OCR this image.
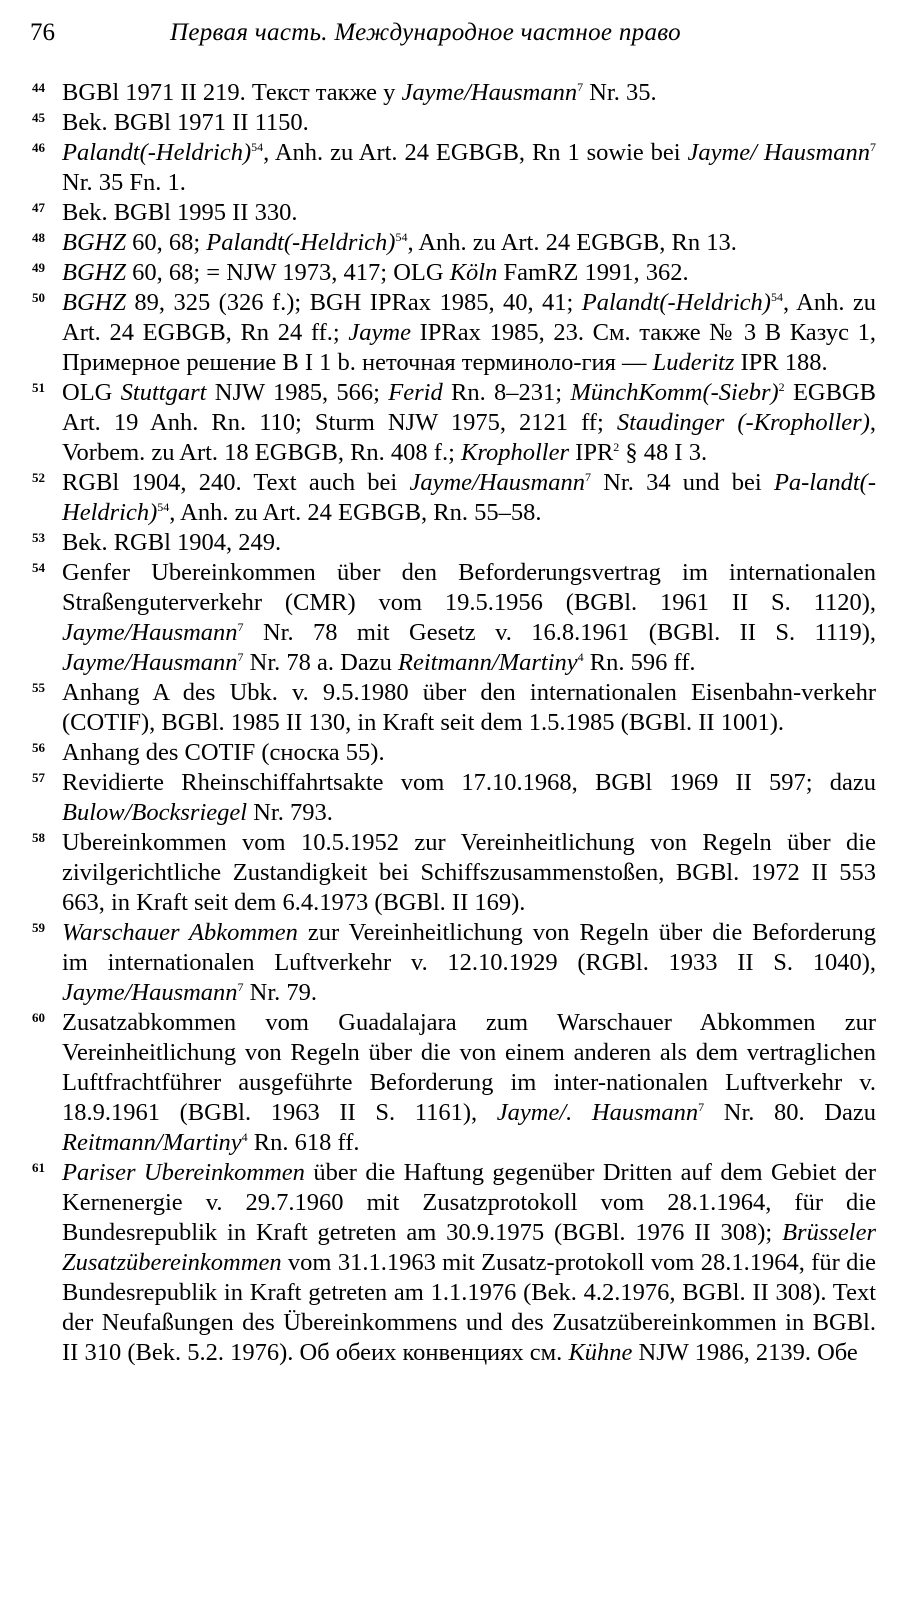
76	Первая часть. Международное частное право
44 BGBl 1971 II 219. Текст также у Jayme/Hausmann$^7$ Nr. 35.
45 Bek. BGBl 1971 II 1150.
46 Palandt(-Heldrich)$^{54}$, Anh. zu Art. 24 EGBGB, Rn 1 sowie bei Jayme/ Hausmann$^7$ Nr. 35 Fn. 1.
47 Bek. BGBl 1995 II 330.
48 BGHZ 60, 68; Palandt(-Heldrich)$^{54}$, Anh. zu Art. 24 EGBGB, Rn 13.
49 BGHZ 60, 68; = NJW 1973, 417; OLG Köln FamRZ 1991, 362.
50 BGHZ 89, 325 (326 f.); BGH IPRax 1985, 40, 41; Palandt(-Heldrich)$^{54}$, Anh. zu Art. 24 EGBGB, Rn 24 ff.; Jayme IPRax 1985, 23. См. также № 3 В Казус 1, Примерное решение В I 1 b. неточная терминоло-гия — Luderitz IPR 188.
51 OLG Stuttgart NJW 1985, 566; Ferid Rn. 8–231; MünchKomm(-Siebr)$^2$ EGBGB Art. 19 Anh. Rn. 110; Sturm NJW 1975, 2121 ff; Staudinger (-Kropholler), Vorbem. zu Art. 18 EGBGB, Rn. 408 f.; Kropholler IPR$^2$ § 48 I 3.
52 RGBl 1904, 240. Text auch bei Jayme/Hausmann$^7$ Nr. 34 und bei Pa-landt(-Heldrich)$^{54}$, Anh. zu Art. 24 EGBGB, Rn. 55–58.
53 Bek. RGBl 1904, 249.
54 Genfer Ubereinkommen über den Beforderungsvertrag im internationalen Straßenguterverkehr (CMR) vom 19.5.1956 (BGBl. 1961 II S. 1120), Jayme/Hausmann$^7$ Nr. 78 mit Gesetz v. 16.8.1961 (BGBl. II S. 1119), Jayme/Hausmann$^7$ Nr. 78 a. Dazu Reitmann/Martiny$^4$ Rn. 596 ff.
55 Anhang A des Ubk. v. 9.5.1980 über den internationalen Eisenbahn-verkehr (COTIF), BGBl. 1985 II 130, in Kraft seit dem 1.5.1985 (BGBl. II 1001).
56 Anhang des COTIF (сноска 55).
57 Revidierte Rheinschiffahrtsakte vom 17.10.1968, BGBl 1969 II 597; dazu Bulow/Bocksriegel Nr. 793.
58 Ubereinkommen vom 10.5.1952 zur Vereinheitlichung von Regeln über die zivilgerichtliche Zustandigkeit bei Schiffszusammenstoßen, BGBl. 1972 II 553 663, in Kraft seit dem 6.4.1973 (BGBl. II 169).
59 Warschauer Abkommen zur Vereinheitlichung von Regeln über die Beforderung im internationalen Luftverkehr v. 12.10.1929 (RGBl. 1933 II S. 1040), Jayme/Hausmann$^7$ Nr. 79.
60 Zusatzabkommen vom Guadalajara zum Warschauer Abkommen zur Vereinheitlichung von Regeln über die von einem anderen als dem vertraglichen Luftfrachtführer ausgeführte Beforderung im inter-nationalen Luftverkehr v. 18.9.1961 (BGBl. 1963 II S. 1161), Jayme/. Hausmann$^7$ Nr. 80. Dazu Reitmann/Martiny$^4$ Rn. 618 ff.
61 Pariser Ubereinkommen über die Haftung gegenüber Dritten auf dem Gebiet der Kernenergie v. 29.7.1960 mit Zusatzprotokoll vom 28.1.1964, für die Bundesrepublik in Kraft getreten am 30.9.1975 (BGBl. 1976 II 308); Brüsseler Zusatzübereinkommen vom 31.1.1963 mit Zusatz-protokoll vom 28.1.1964, für die Bundesrepublik in Kraft getreten am 1.1.1976 (Bek. 4.2.1976, BGBl. II 308). Text der Neufaßungen des Übereinkommens und des Zusatzübereinkommen in BGBl. II 310 (Bek. 5.2. 1976). Об обеих конвенциях см. Kühne NJW 1986, 2139. Обе
